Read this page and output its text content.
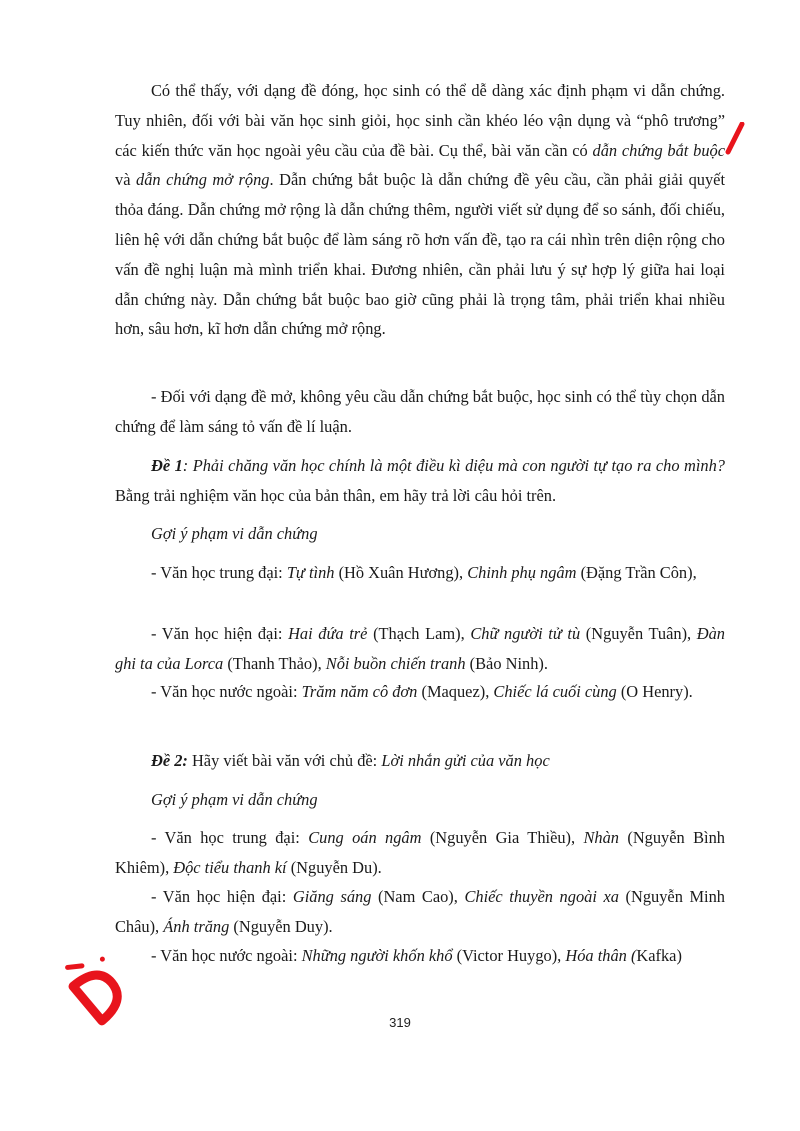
Có thể thấy, với dạng đề đóng, học sinh có thể dễ dàng xác định phạm vi dẫn chứng. Tuy nhiên, đối với bài văn học sinh giỏi, học sinh cần khéo léo vận dụng và “phô trương” các kiến thức văn học ngoài yêu cầu của đề bài. Cụ thể, bài văn cần có dẫn chứng bắt buộc và dẫn chứng mở rộng. Dẫn chứng bắt buộc là dẫn chứng đề yêu cầu, cần phải giải quyết thỏa đáng. Dẫn chứng mở rộng là dẫn chứng thêm, người viết sử dụng để so sánh, đối chiếu, liên hệ với dẫn chứng bắt buộc để làm sáng rõ hơn vấn đề, tạo ra cái nhìn trên diện rộng cho vấn đề nghị luận mà mình triển khai. Đương nhiên, cần phải lưu ý sự hợp lý giữa hai loại dẫn chứng này. Dẫn chứng bắt buộc bao giờ cũng phải là trọng tâm, phải triển khai nhiều hơn, sâu hơn, kĩ hơn dẫn chứng mở rộng.

- Đối với dạng đề mở, không yêu cầu dẫn chứng bắt buộc, học sinh có thể tùy chọn dẫn chứng để làm sáng tỏ vấn đề lí luận.

Đề 1: Phải chăng văn học chính là một điều kì diệu mà con người tự tạo ra cho mình? Bằng trải nghiệm văn học của bản thân, em hãy trả lời câu hỏi trên.

Gợi ý phạm vi dẫn chứng

- Văn học trung đại: Tự tình (Hồ Xuân Hương), Chinh phụ ngâm (Đặng Trần Côn),

- Văn học hiện đại: Hai đứa trẻ (Thạch Lam), Chữ người tử tù (Nguyễn Tuân), Đàn ghi ta của Lorca (Thanh Thảo), Nỗi buồn chiến tranh (Bảo Ninh).

- Văn học nước ngoài: Trăm năm cô đơn (Maquez), Chiếc lá cuối cùng (O Henry).

Đề 2: Hãy viết bài văn với chủ đề: Lời nhắn gửi của văn học

Gợi ý phạm vi dẫn chứng

- Văn học trung đại: Cung oán ngâm (Nguyễn Gia Thiều), Nhàn (Nguyễn Bình Khiêm), Độc tiểu thanh kí (Nguyễn Du).

- Văn học hiện đại: Giăng sáng (Nam Cao), Chiếc thuyền ngoài xa (Nguyễn Minh Châu), Ánh trăng (Nguyễn Duy).

- Văn học nước ngoài: Những người khốn khổ (Victor Huygo), Hóa thân (Kafka)

319
